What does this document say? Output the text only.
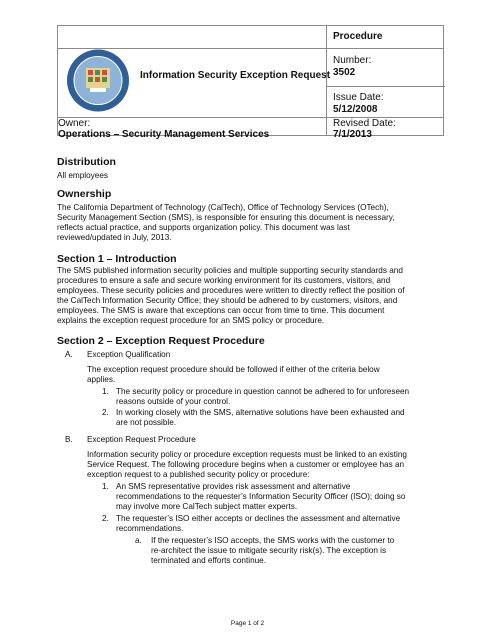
Procedure
Information Security Exception Request
Number:
3502
Issue Date:
5/12/2008
Owner:
Operations – Security Management Services
Revised Date:
7/1/2013
Distribution
All employees
Ownership
The California Department of Technology (CalTech), Office of Technology Services (OTech),
Security Management Section (SMS), is responsible for ensuring this document is necessary,
reflects actual practice, and supports organization policy. This document was last
reviewed/updated in July, 2013.
Section 1 – Introduction
The SMS published information security policies and multiple supporting security standards and
procedures to ensure a safe and secure working environment for its customers, visitors, and
employees. These security policies and procedures were written to directly reflect the position of
the CalTech Information Security Office; they should be adhered to by customers, visitors, and
employees. The SMS is aware that exceptions can occur from time to time. This document
explains the exception request procedure for an SMS policy or procedure.
Section 2 – Exception Request Procedure
A. Exception Qualification
The exception request procedure should be followed if either of the criteria below
applies.
1. The security policy or procedure in question cannot be adhered to for unforeseen
reasons outside of your control.
2. In working closely with the SMS, alternative solutions have been exhausted and
are not possible.
B. Exception Request Procedure
Information security policy or procedure exception requests must be linked to an existing
Service Request. The following procedure begins when a customer or employee has an
exception request to a published security policy or procedure:
1. An SMS representative provides risk assessment and alternative
recommendations to the requester’s Information Security Officer (ISO); doing so
may involve more CalTech subject matter experts.
2. The requester’s ISO either accepts or declines the assessment and alternative
recommendations.
a. If the requester’s ISO accepts, the SMS works with the customer to
re-architect the issue to mitigate security risk(s). The exception is
terminated and efforts continue.
Page 1 of 2
